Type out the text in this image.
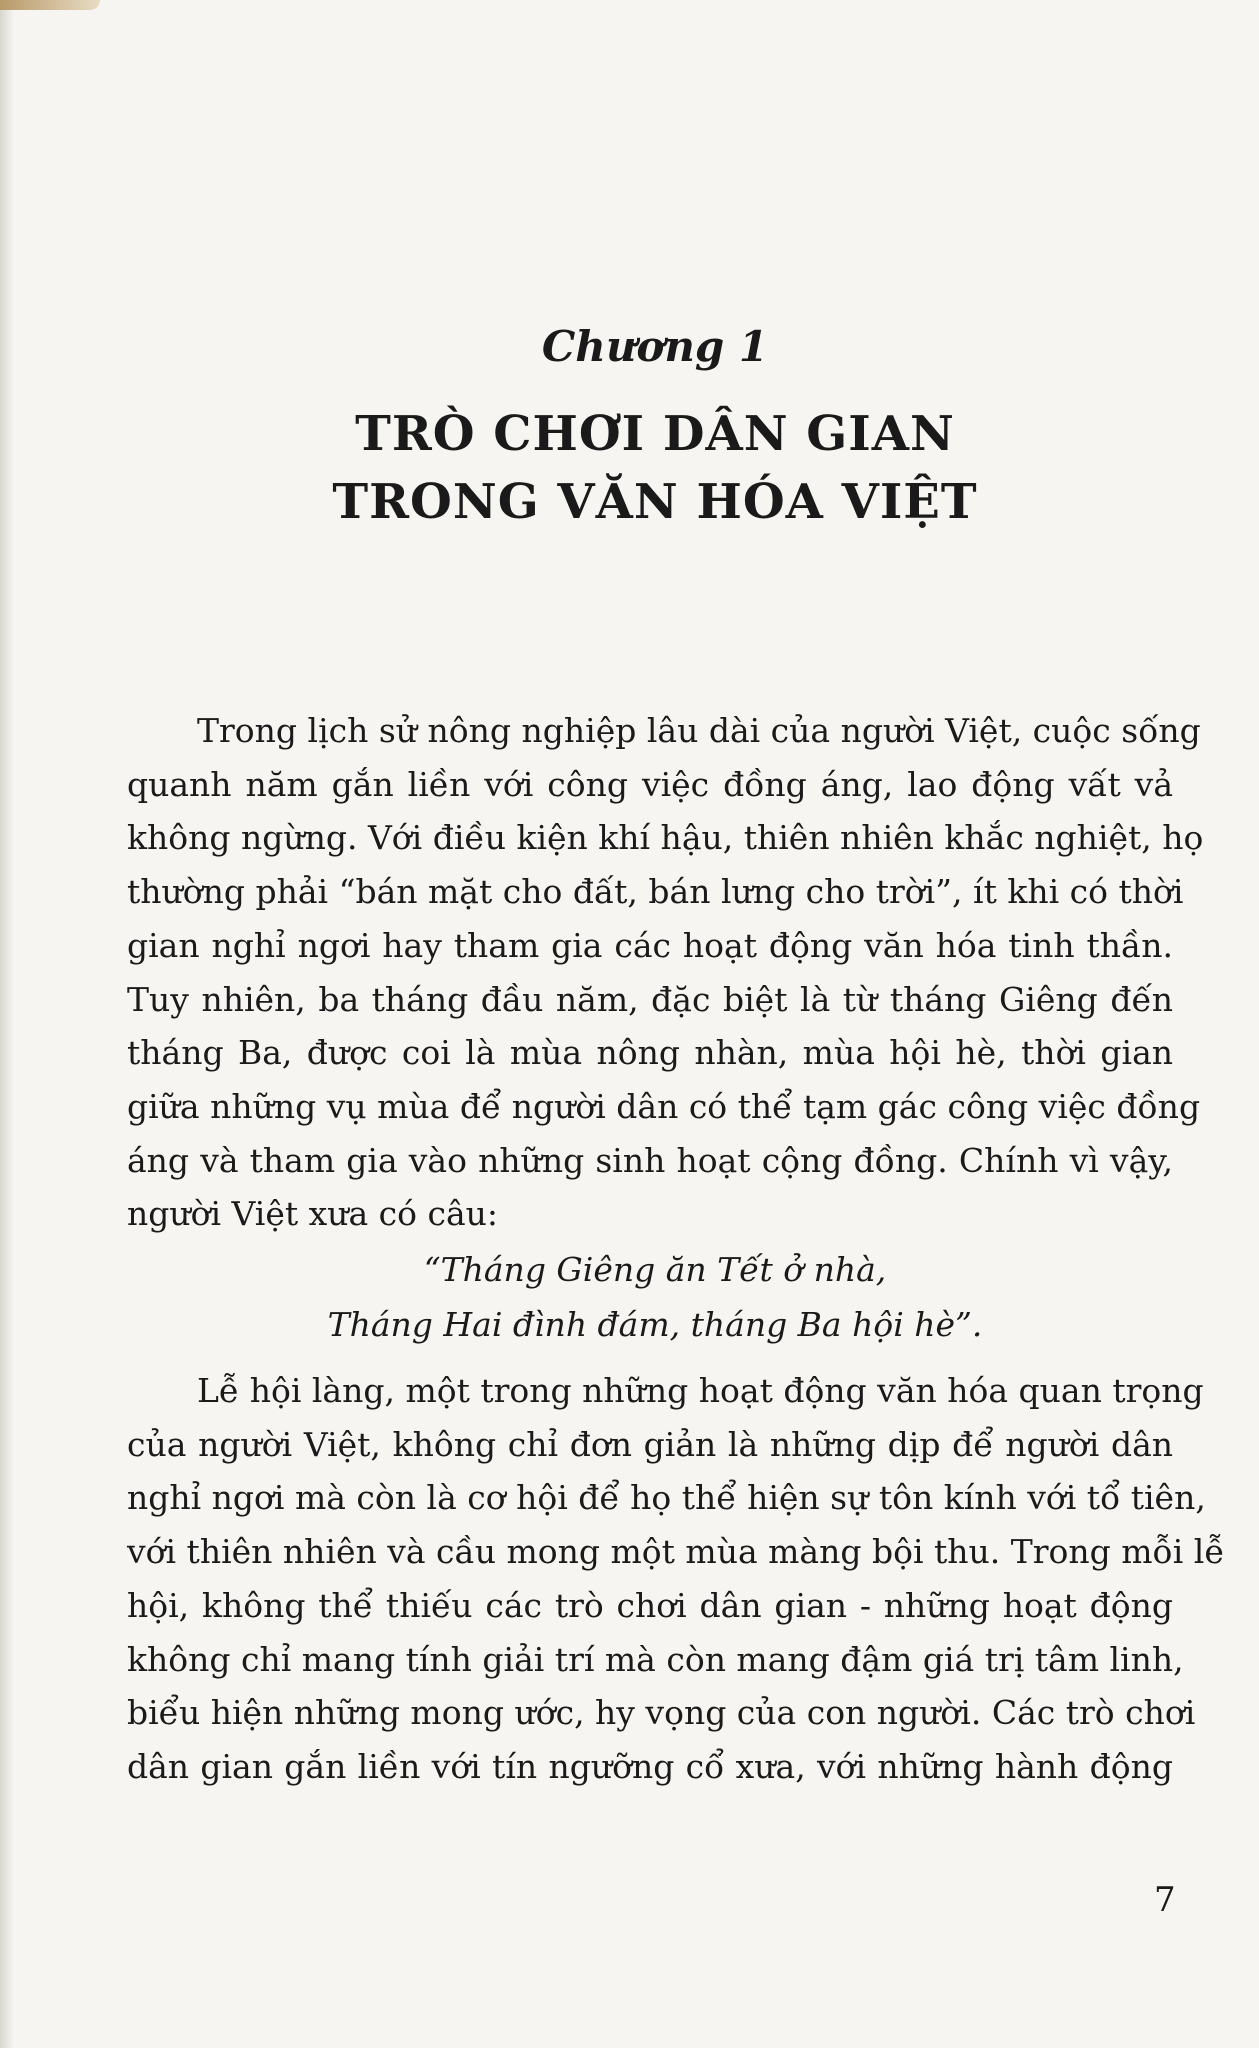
Chương 1
TRÒ CHƠI DÂN GIAN
TRONG VĂN HÓA VIỆT
Trong lịch sử nông nghiệp lâu dài của người Việt, cuộc sống
quanh năm gắn liền với công việc đồng áng, lao động vất vả
không ngừng. Với điều kiện khí hậu, thiên nhiên khắc nghiệt, họ
thường phải “bán mặt cho đất, bán lưng cho trời”, ít khi có thời
gian nghỉ ngơi hay tham gia các hoạt động văn hóa tinh thần.
Tuy nhiên, ba tháng đầu năm, đặc biệt là từ tháng Giêng đến
tháng Ba, được coi là mùa nông nhàn, mùa hội hè, thời gian
giữa những vụ mùa để người dân có thể tạm gác công việc đồng
áng và tham gia vào những sinh hoạt cộng đồng. Chính vì vậy,
người Việt xưa có câu:
“Tháng Giêng ăn Tết ở nhà,
Tháng Hai đình đám, tháng Ba hội hè”.
Lễ hội làng, một trong những hoạt động văn hóa quan trọng
của người Việt, không chỉ đơn giản là những dịp để người dân
nghỉ ngơi mà còn là cơ hội để họ thể hiện sự tôn kính với tổ tiên,
với thiên nhiên và cầu mong một mùa màng bội thu. Trong mỗi lễ
hội, không thể thiếu các trò chơi dân gian - những hoạt động
không chỉ mang tính giải trí mà còn mang đậm giá trị tâm linh,
biểu hiện những mong ước, hy vọng của con người. Các trò chơi
dân gian gắn liền với tín ngưỡng cổ xưa, với những hành động
7
